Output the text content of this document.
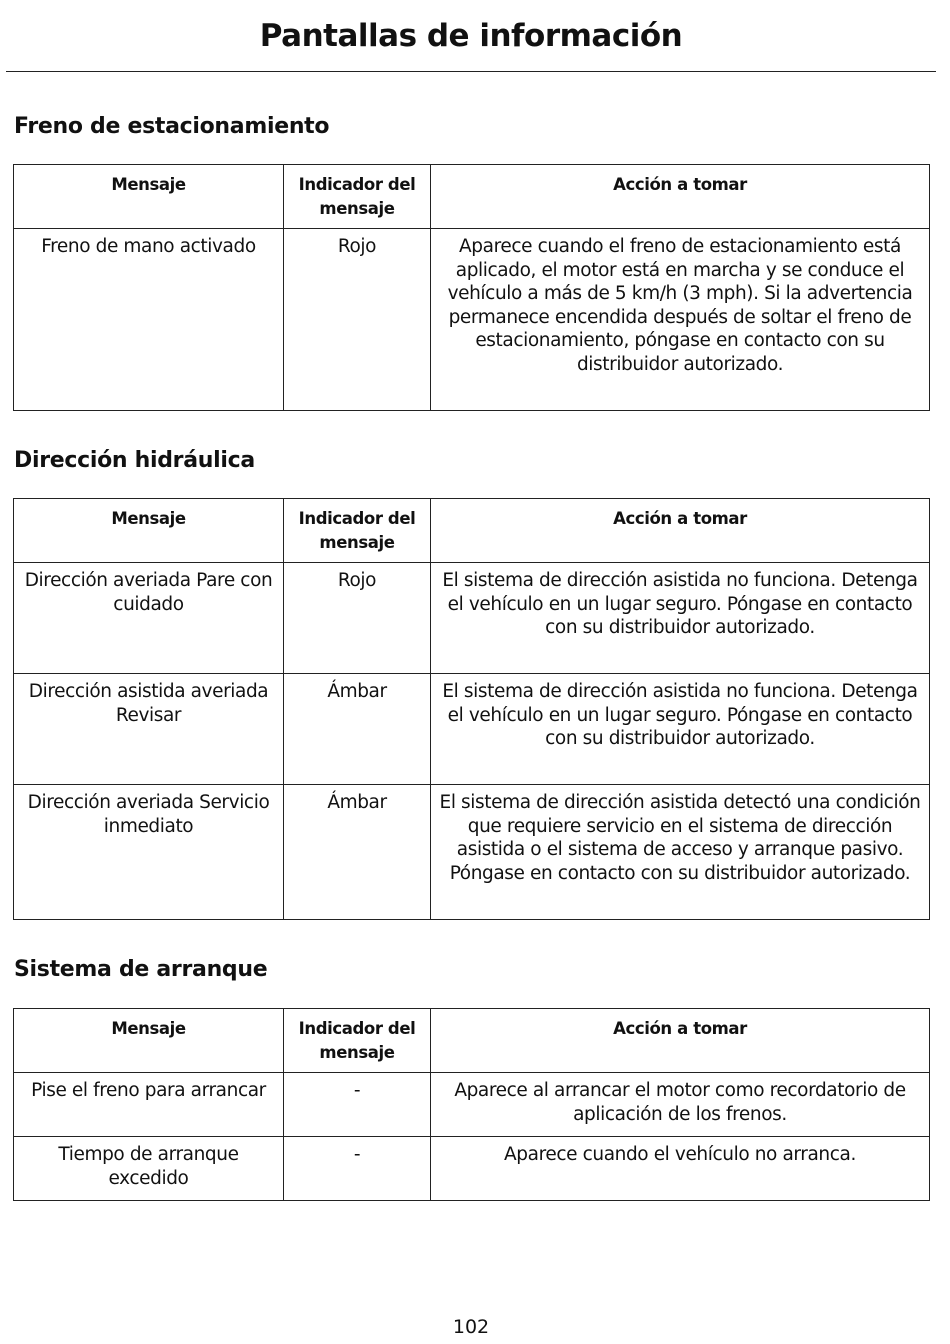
Pantallas de información
Freno de estacionamiento
Mensaje	Indicador del mensaje	Acción a tomar
Freno de mano activado	Rojo	Aparece cuando el freno de estacionamiento está aplicado, el motor está en marcha y se conduce el vehículo a más de 5 km/h (3 mph). Si la advertencia permanece encendida después de soltar el freno de estacionamiento, póngase en contacto con su distribuidor autorizado.
Dirección hidráulica
Mensaje	Indicador del mensaje	Acción a tomar
Dirección averiada Pare con cuidado	Rojo	El sistema de dirección asistida no funciona. Detenga el vehículo en un lugar seguro. Póngase en contacto con su distribuidor autorizado.
Dirección asistida averiada Revisar	Ámbar	El sistema de dirección asistida no funciona. Detenga el vehículo en un lugar seguro. Póngase en contacto con su distribuidor autorizado.
Dirección averiada Servicio inmediato	Ámbar	El sistema de dirección asistida detectó una condición que requiere servicio en el sistema de dirección asistida o el sistema de acceso y arranque pasivo. Póngase en contacto con su distribuidor autorizado.
Sistema de arranque
Mensaje	Indicador del mensaje	Acción a tomar
Pise el freno para arrancar	-	Aparece al arrancar el motor como recordatorio de aplicación de los frenos.
Tiempo de arranque excedido	-	Aparece cuando el vehículo no arranca.
102
